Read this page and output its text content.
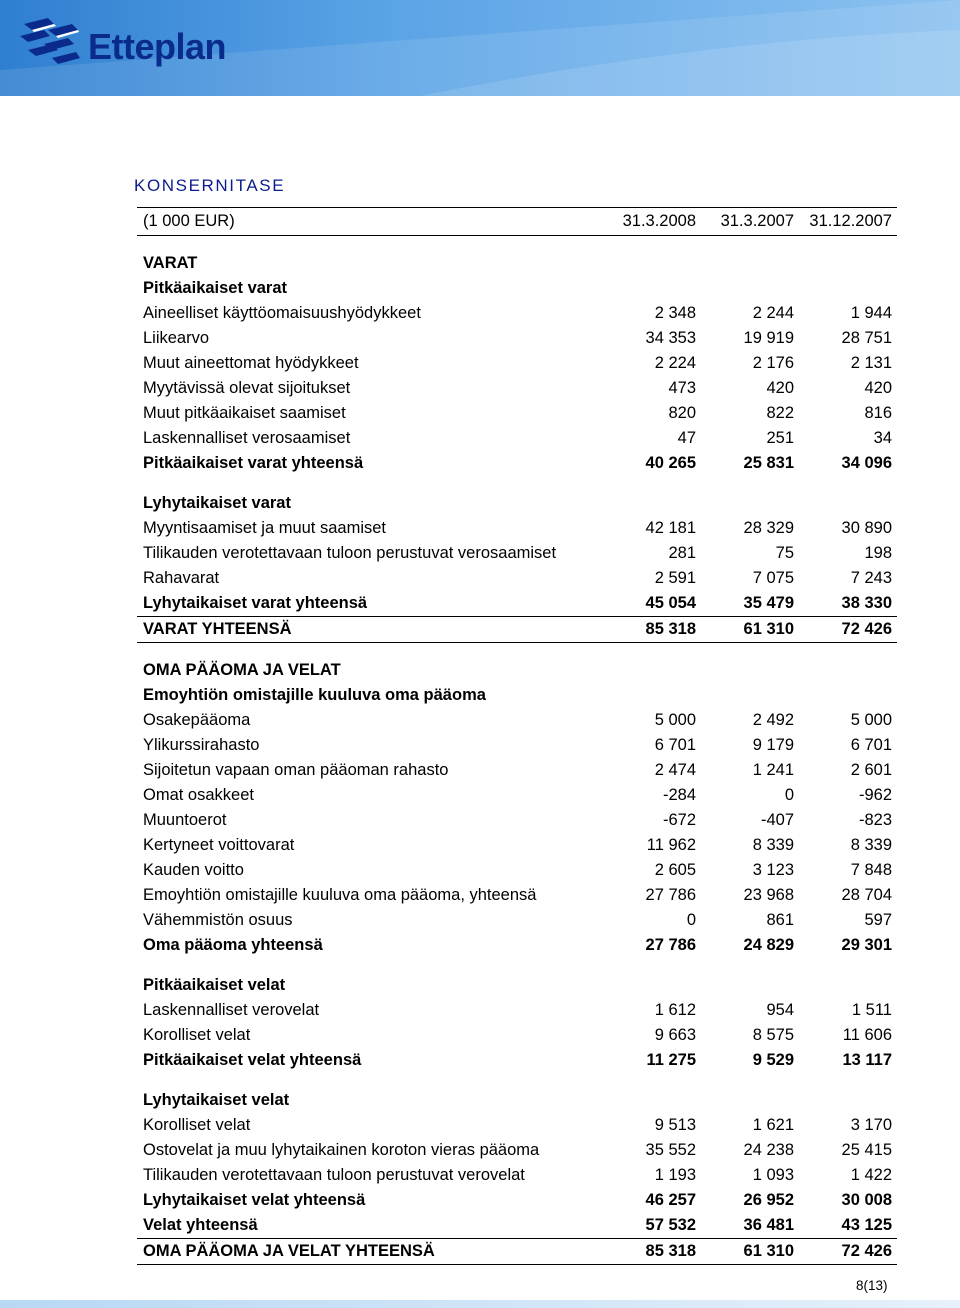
Etteplan
KONSERNITASE
(1 000 EUR)	31.3.2008 31.3.2007 31.12.2007
VARAT
Pitkäaikaiset varat
Aineelliset käyttöomaisuushyödykkeet	2 348	2 244	1 944
Liikearvo	34 353	19 919	28 751
Muut aineettomat hyödykkeet	2 224	2 176	2 131
Myytävissä olevat sijoitukset	473	420	420
Muut pitkäaikaiset saamiset	820	822	816
Laskennalliset verosaamiset	47	251	34
Pitkäaikaiset varat yhteensä	40 265	25 831	34 096
Lyhytaikaiset varat
Myyntisaamiset ja muut saamiset	42 181	28 329	30 890
Tilikauden verotettavaan tuloon perustuvat verosaamiset	281	75	198
Rahavarat	2 591	7 075	7 243
Lyhytaikaiset varat yhteensä	45 054	35 479	38 330
VARAT YHTEENSÄ	85 318	61 310	72 426
OMA PÄÄOMA JA VELAT
Emoyhtiön omistajille kuuluva oma pääoma
Osakepääoma	5 000	2 492	5 000
Ylikurssirahasto	6 701	9 179	6 701
Sijoitetun vapaan oman pääoman rahasto	2 474	1 241	2 601
Omat osakkeet	-284	0	-962
Muuntoerot	-672	-407	-823
Kertyneet voittovarat	11 962	8 339	8 339
Kauden voitto	2 605	3 123	7 848
Emoyhtiön omistajille kuuluva oma pääoma, yhteensä	27 786	23 968	28 704
Vähemmistön osuus	0	861	597
Oma pääoma yhteensä	27 786	24 829	29 301
Pitkäaikaiset velat
Laskennalliset verovelat	1 612	954	1 511
Korolliset velat	9 663	8 575	11 606
Pitkäaikaiset velat yhteensä	11 275	9 529	13 117
Lyhytaikaiset velat
Korolliset velat	9 513	1 621	3 170
Ostovelat ja muu lyhytaikainen koroton vieras pääoma	35 552	24 238	25 415
Tilikauden verotettavaan tuloon perustuvat verovelat	1 193	1 093	1 422
Lyhytaikaiset velat yhteensä	46 257	26 952	30 008
Velat yhteensä	57 532	36 481	43 125
OMA PÄÄOMA JA VELAT YHTEENSÄ	85 318	61 310	72 426
8(13)
